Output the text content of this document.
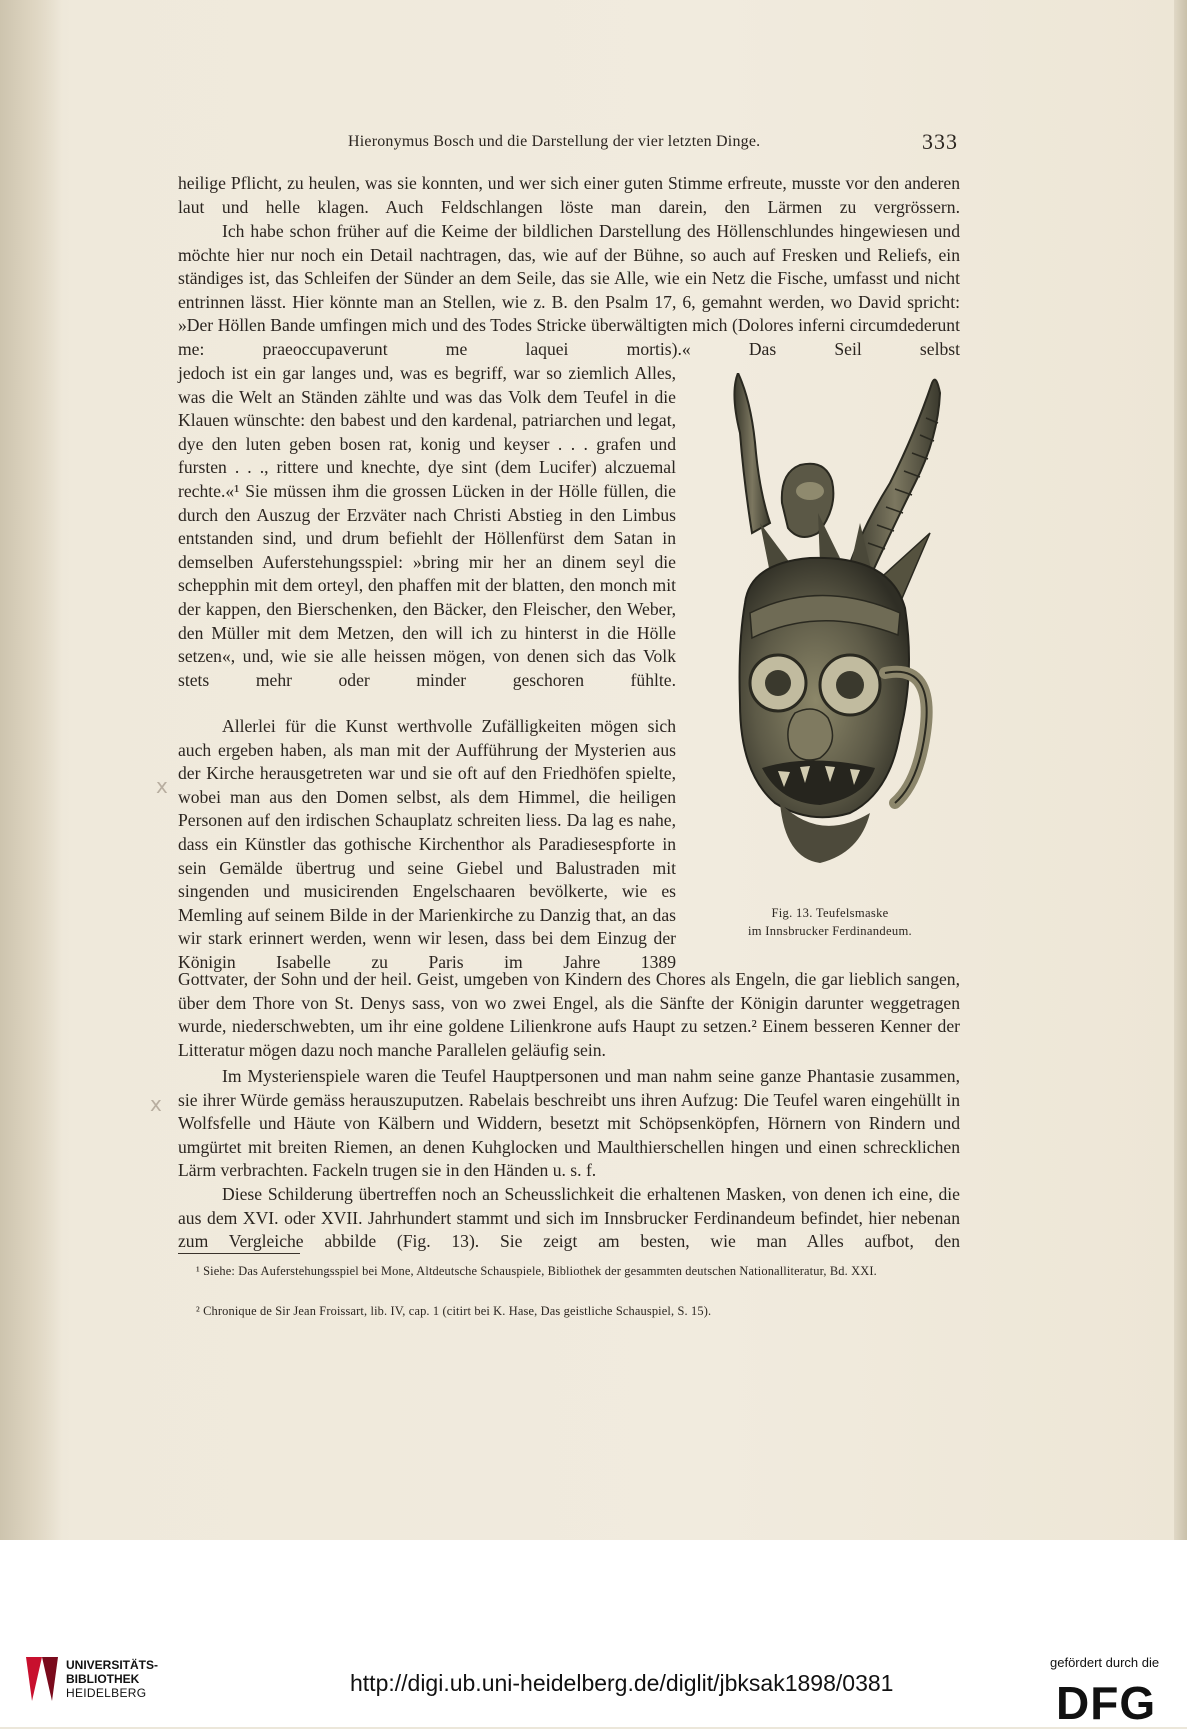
Hieronymus Bosch und die Darstellung der vier letzten Dinge.	333

heilige Pflicht, zu heulen, was sie konnten, und wer sich einer guten Stimme erfreute, musste vor den anderen laut und helle klagen. Auch Feldschlangen löste man darein, den Lärmen zu vergrössern.

Ich habe schon früher auf die Keime der bildlichen Darstellung des Höllenschlundes hingewiesen und möchte hier nur noch ein Detail nachtragen, das, wie auf der Bühne, so auch auf Fresken und Reliefs, ein ständiges ist, das Schleifen der Sünder an dem Seile, das sie Alle, wie ein Netz die Fische, umfasst und nicht entrinnen lässt. Hier könnte man an Stellen, wie z. B. den Psalm 17, 6, gemahnt werden, wo David spricht: »Der Höllen Bande umfingen mich und des Todes Stricke überwältigten mich (Dolores inferni circumdederunt me: praeoccupaverunt me laquei mortis).« Das Seil selbst

jedoch ist ein gar langes und, was es begriff, war so ziemlich Alles, was die Welt an Ständen zählte und was das Volk dem Teufel in die Klauen wünschte: den babest und den kardenal, patriarchen und legat, dye den luten geben bosen rat, konig und keyser . . . grafen und fursten . . ., rittere und knechte, dye sint (dem Lucifer) alczuemal rechte.«¹ Sie müssen ihm die grossen Lücken in der Hölle füllen, die durch den Auszug der Erzväter nach Christi Abstieg in den Limbus entstanden sind, und drum befiehlt der Höllenfürst dem Satan in demselben Auferstehungsspiel: »bring mir her an dinem seyl die schepphin mit dem orteyl, den phaffen mit der blatten, den monch mit der kappen, den Bierschenken, den Bäcker, den Fleischer, den Weber, den Müller mit dem Metzen, den will ich zu hinterst in die Hölle setzen«, und, wie sie alle heissen mögen, von denen sich das Volk stets mehr oder minder geschoren fühlte.

Allerlei für die Kunst werthvolle Zufälligkeiten mögen sich auch ergeben haben, als man mit der Aufführung der Mysterien aus der Kirche herausgetreten war und sie oft auf den Friedhöfen spielte, wobei man aus den Domen selbst, als dem Himmel, die heiligen Personen auf den irdischen Schauplatz schreiten liess. Da lag es nahe, dass ein Künstler das gothische Kirchenthor als Paradiesespforte in sein Gemälde übertrug und seine Giebel und Balustraden mit singenden und musicirenden Engelschaaren bevölkerte, wie es Memling auf seinem Bilde in der Marienkirche zu Danzig that, an das wir stark erinnert werden, wenn wir lesen, dass bei dem Einzug der Königin Isabelle zu Paris im Jahre 1389

Gottvater, der Sohn und der heil. Geist, umgeben von Kindern des Chores als Engeln, die gar lieblich sangen, über dem Thore von St. Denys sass, von wo zwei Engel, als die Sänfte der Königin darunter weggetragen wurde, niederschwebten, um ihr eine goldene Lilienkrone aufs Haupt zu setzen.² Einem besseren Kenner der Litteratur mögen dazu noch manche Parallelen geläufig sein.

Im Mysterienspiele waren die Teufel Hauptpersonen und man nahm seine ganze Phantasie zusammen, sie ihrer Würde gemäss herauszuputzen. Rabelais beschreibt uns ihren Aufzug: Die Teufel waren eingehüllt in Wolfsfelle und Häute von Kälbern und Widdern, besetzt mit Schöpsenköpfen, Hörnern von Rindern und umgürtet mit breiten Riemen, an denen Kuhglocken und Maulthierschellen hingen und einen schrecklichen Lärm verbrachten. Fackeln trugen sie in den Händen u. s. f.

Diese Schilderung übertreffen noch an Scheusslichkeit die erhaltenen Masken, von denen ich eine, die aus dem XVI. oder XVII. Jahrhundert stammt und sich im Innsbrucker Ferdinandeum befindet, hier nebenan zum Vergleiche abbilde (Fig. 13). Sie zeigt am besten, wie man Alles aufbot, den

x
x
Fig. 13. Teufelsmaske
im Innsbrucker Ferdinandeum.

¹ Siehe: Das Auferstehungsspiel bei Mone, Altdeutsche Schauspiele, Bibliothek der gesammten deutschen Nationalliteratur, Bd. XXI.

² Chronique de Sir Jean Froissart, lib. IV, cap. 1 (citirt bei K. Hase, Das geistliche Schauspiel, S. 15).

UNIVERSITÄTS-
BIBLIOTHEK
HEIDELBERG	http://digi.ub.uni-heidelberg.de/diglit/jbksak1898/0381
gefördert durch die
DFG
